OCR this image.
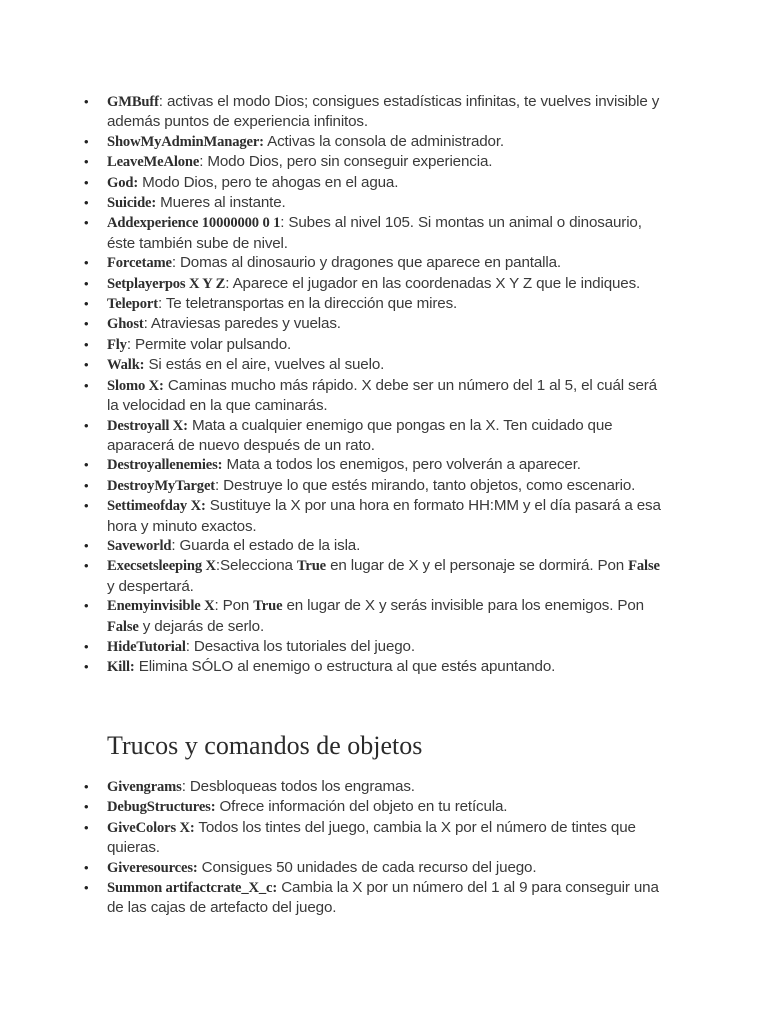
• GMBuff: activas el modo Dios; consigues estadísticas infinitas, te vuelves invisible y además puntos de experiencia infinitos.
• ShowMyAdminManager: Activas la consola de administrador.
• LeaveMeAlone: Modo Dios, pero sin conseguir experiencia.
• God: Modo Dios, pero te ahogas en el agua.
• Suicide: Mueres al instante.
• Addexperience 10000000 0 1: Subes al nivel 105. Si montas un animal o dinosaurio, éste también sube de nivel.
• Forcetame: Domas al dinosaurio y dragones que aparece en pantalla.
• Setplayerpos X Y Z: Aparece el jugador en las coordenadas X Y Z que le indiques.
• Teleport: Te teletransportas en la dirección que mires.
• Ghost: Atraviesas paredes y vuelas.
• Fly: Permite volar pulsando.
• Walk: Si estás en el aire, vuelves al suelo.
• Slomo X: Caminas mucho más rápido. X debe ser un número del 1 al 5, el cuál será la velocidad en la que caminarás.
• Destroyall X: Mata a cualquier enemigo que pongas en la X. Ten cuidado que aparacerá de nuevo después de un rato.
• Destroyallenemies: Mata a todos los enemigos, pero volverán a aparecer.
• DestroyMyTarget: Destruye lo que estés mirando, tanto objetos, como escenario.
• Settimeofday X: Sustituye la X por una hora en formato HH:MM y el día pasará a esa hora y minuto exactos.
• Saveworld: Guarda el estado de la isla.
• Execsetsleeping X:Selecciona True en lugar de X y el personaje se dormirá. Pon False y despertará.
• Enemyinvisible X: Pon True en lugar de X y serás invisible para los enemigos. Pon False y dejarás de serlo.
• HideTutorial: Desactiva los tutoriales del juego.
• Kill: Elimina SÓLO al enemigo o estructura al que estés apuntando.
Trucos y comandos de objetos
• Givengrams: Desbloqueas todos los engramas.
• DebugStructures: Ofrece información del objeto en tu retícula.
• GiveColors X: Todos los tintes del juego, cambia la X por el número de tintes que quieras.
• Giveresources: Consigues 50 unidades de cada recurso del juego.
• Summon artifactcrate_X_c: Cambia la X por un número del 1 al 9 para conseguir una de las cajas de artefacto del juego.
